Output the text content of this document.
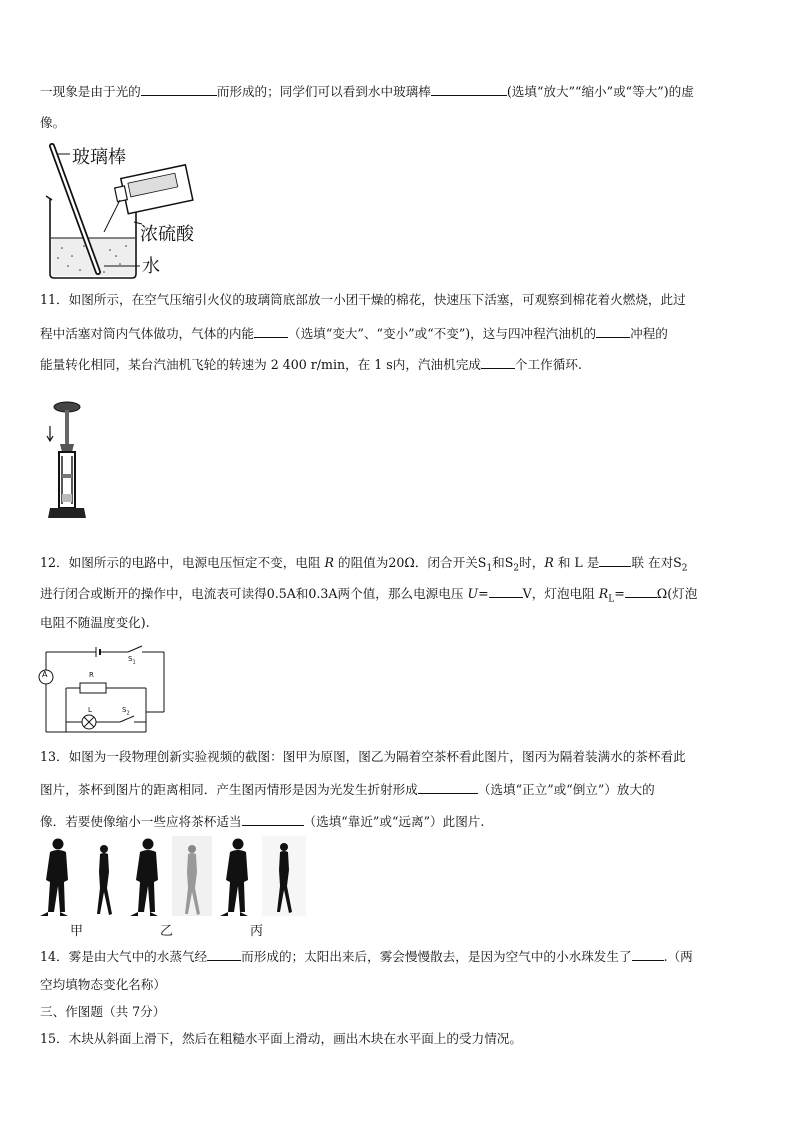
一现象是由于光的	而形成的；同学们可以看到水中玻璃棒	(选填“放大”“缩小”或“等大”)的虚
像。
玻璃棒
浓硫酸
水
11．如图所示，在空气压缩引火仪的玻璃筒底部放一小团干燥的棉花，快速压下活塞，可观察到棉花着火燃烧，此过
程中活塞对筒内气体做功，气体的内能	（选填“变大”、“变小”或“不变”)，这与四冲程汽油机的	冲程的
能量转化相同，某台汽油机飞轮的转速为 2 400 r/min，在 1 s内，汽油机完成	个工作循环.
12．如图所示的电路中，电源电压恒定不变，电阻 R 的阻值为20Ω．闭合开关$S_1$和$S_2$时，R 和 L 是	联 在对$S_2$
进行闭合或断开的操作中，电流表可读得0.5A和0.3A两个值，那么电源电压 U=	V，灯泡电阻 $R_L=$	Ω(灯泡
电阻不随温度变化).
A	R
L
$S_1$
$S_2$
13．如图为一段物理创新实验视频的截图：图甲为原图，图乙为隔着空茶杯看此图片，图丙为隔着装满水的茶杯看此
图片，茶杯到图片的距离相同．产生图丙情形是因为光发生折射形成	（选填“正立”或“倒立”）放大的
像．若要使像缩小一些应将茶杯适当	（选填“靠近”或“远离”）此图片.
甲	乙	丙
14．雾是由大气中的水蒸气经	而形成的；太阳出来后，雾会慢慢散去，是因为空气中的小水珠发生了	.（两
空均填物态变化名称）
三、作图题（共 7分）
15．木块从斜面上滑下，然后在粗糙水平面上滑动，画出木块在水平面上的受力情况。
